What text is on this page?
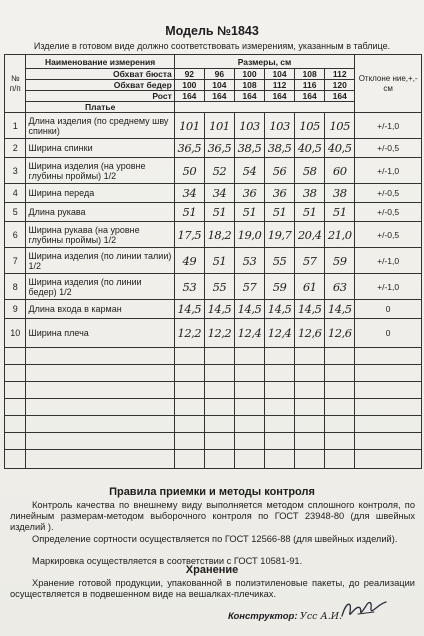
Модель №1843
Изделие в готовом виде должно соответствовать измерениям, указанным в таблице.
№ п/п	Наименование измерения	Размеры, см						Отклоне ние,+,- см
	Обхват бюста	92	96	100	104	108	112	
	Обхват бедер	100	104	108	112	116	120	
	Рост	164	164	164	164	164	164	
	Платье							
1	Длина изделия (по среднему шву спинки)	101	101	103	103	105	105	+/-1,0
2	Ширина спинки	36,5	36,5	38,5	38,5	40,5	40,5	+/-0,5
3	Ширина изделия (на уровне глубины проймы) 1/2	50	52	54	56	58	60	+/-1,0
4	Ширина переда	34	34	36	36	38	38	+/-0,5
5	Длина рукава	51	51	51	51	51	51	+/-0,5
6	Ширина рукава (на уровне глубины проймы) 1/2	17,5	18,2	19,0	19,7	20,4	21,0	+/-0,5
7	Ширина изделия (по линии талии) 1/2	49	51	53	55	57	59	+/-1,0
8	Ширина изделия (по линии бедер) 1/2	53	55	57	59	61	63	+/-1,0
9	Длина входа в карман	14,5	14,5	14,5	14,5	14,5	14,5	0
10	Ширина плеча	12,2	12,2	12,4	12,4	12,6	12,6	0

Правила приемки и методы контроля
Контроль качества по внешнему виду выполняется методом сплошного контроля, по линейным размерам-методом выборочного контроля по ГОСТ 23948-80 (для швейных изделий ).
Определение сортности осуществляется по ГОСТ 12566-88 (для швейных изделий).
Маркировка осуществляется в соответствии с ГОСТ 10581-91.
Хранение
Хранение готовой продукции, упакованной в полиэтиленовые пакеты, до реализации осуществляется в подвешенном виде на вешалках-плечиках.
Конструктор: Усс А.И.
